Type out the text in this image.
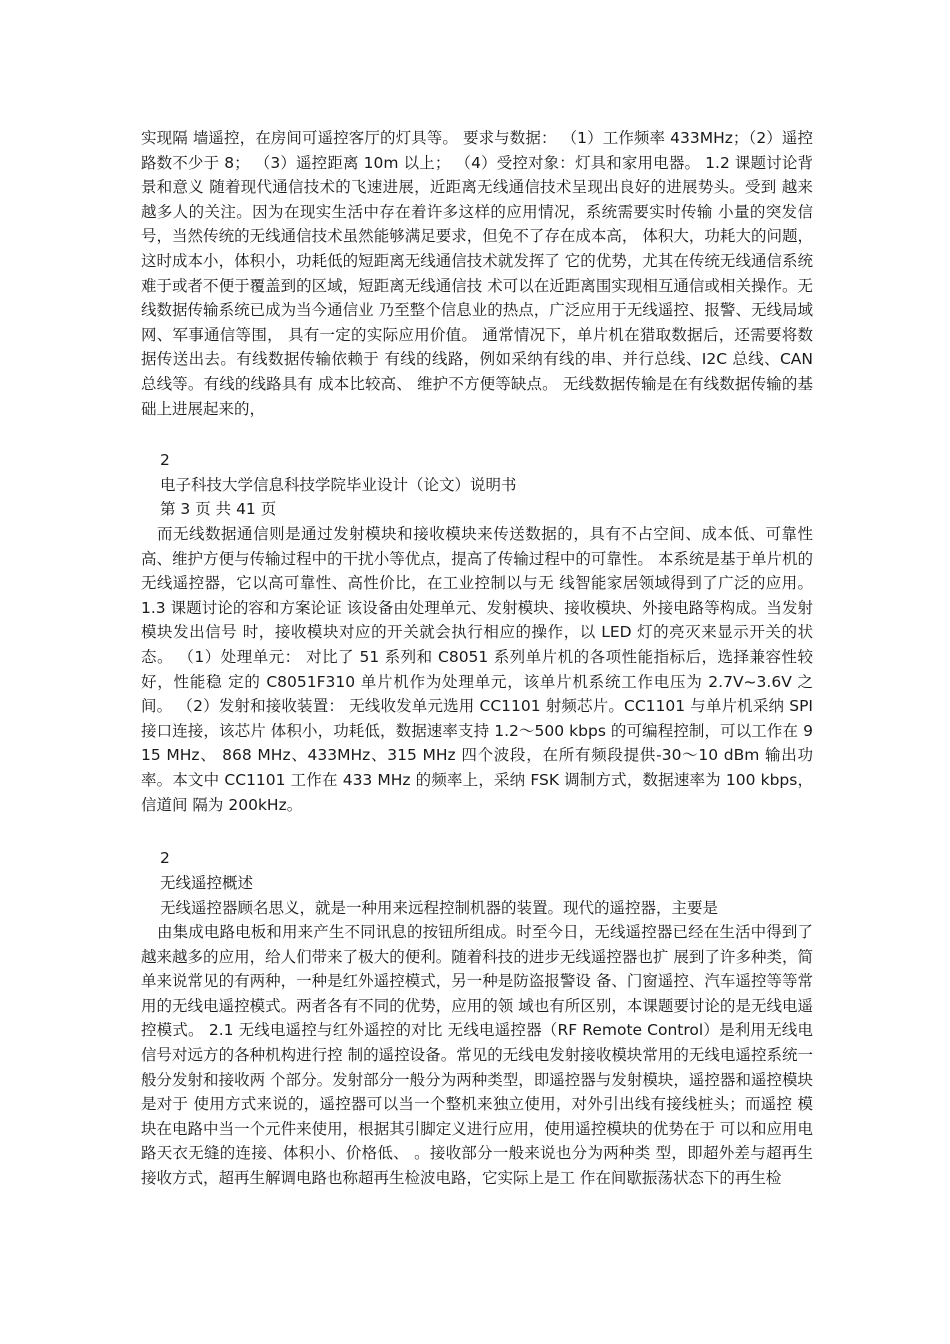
实现隔 墙遥控，在房间可遥控客厅的灯具等。 要求与数据： （1）工作频率 433MHz；（2）遥控路数不少于 8； （3）遥控距离 10m 以上； （4）受控对象：灯具和家用电器。 1.2 课题讨论背景和意义 随着现代通信技术的飞速进展，近距离无线通信技术呈现出良好的进展势头。受到 越来越多人的关注。因为在现实生活中存在着许多这样的应用情况，系统需要实时传输 小量的突发信号，当然传统的无线通信技术虽然能够满足要求，但免不了存在成本高， 体积大，功耗大的问题，这时成本小，体积小，功耗低的短距离无线通信技术就发挥了 它的优势，尤其在传统无线通信系统难于或者不便于覆盖到的区域，短距离无线通信技 术可以在近距离围实现相互通信或相关操作。无线数据传输系统已成为当今通信业 乃至整个信息业的热点，广泛应用于无线遥控、报警、无线局域网、军事通信等围， 具有一定的实际应用价值。 通常情况下，单片机在猎取数据后，还需要将数据传送出去。有线数据传输依赖于 有线的线路，例如采纳有线的串、并行总线、I2C 总线、CAN 总线等。有线的线路具有 成本比较高、 维护不方便等缺点。 无线数据传输是在有线数据传输的基础上进展起来的，

2

电子科技大学信息科技学院毕业设计（论文）说明书

第 3 页 共 41 页

而无线数据通信则是通过发射模块和接收模块来传送数据的，具有不占空间、成本低、可靠性高、维护方便与传输过程中的干扰小等优点，提高了传输过程中的可靠性。 本系统是基于单片机的无线遥控器，它以高可靠性、高性价比，在工业控制以与无 线智能家居领域得到了广泛的应用。 1.3 课题讨论的容和方案论证 该设备由处理单元、发射模块、接收模块、外接电路等构成。当发射模块发出信号 时，接收模块对应的开关就会执行相应的操作，以 LED 灯的亮灭来显示开关的状态。 （1）处理单元： 对比了 51 系列和 C8051 系列单片机的各项性能指标后，选择兼容性较好，性能稳 定的 C8051F310 单片机作为处理单元，该单片机系统工作电压为 2.7V~3.6V 之间。 （2）发射和接收装置： 无线收发单元选用 CC1101 射频芯片。CC1101 与单片机采纳 SPI 接口连接，该芯片 体积小，功耗低，数据速率支持 1.2～500 kbps 的可编程控制，可以工作在 915 MHz、 868 MHz、433MHz、315 MHz 四个波段，在所有频段提供-30～10 dBm 输出功率。本文中 CC1101 工作在 433 MHz 的频率上，采纳 FSK 调制方式，数据速率为 100 kbps，信道间 隔为 200kHz。

2

无线遥控概述

无线遥控器顾名思义，就是一种用来远程控制机器的装置。现代的遥控器，主要是

由集成电路电板和用来产生不同讯息的按钮所组成。时至今日，无线遥控器已经在生活中得到了越来越多的应用，给人们带来了极大的便利。随着科技的进步无线遥控器也扩 展到了许多种类，简单来说常见的有两种，一种是红外遥控模式，另一种是防盗报警设 备、门窗遥控、汽车遥控等等常用的无线电遥控模式。两者各有不同的优势，应用的领 域也有所区别，本课题要讨论的是无线电遥控模式。 2.1 无线电遥控与红外遥控的对比 无线电遥控器（RF Remote Control）是利用无线电信号对远方的各种机构进行控 制的遥控设备。常见的无线电发射接收模块常用的无线电遥控系统一般分发射和接收两 个部分。发射部分一般分为两种类型，即遥控器与发射模块，遥控器和遥控模块是对于 使用方式来说的，遥控器可以当一个整机来独立使用，对外引出线有接线桩头；而遥控 模块在电路中当一个元件来使用，根据其引脚定义进行应用，使用遥控模块的优势在于 可以和应用电路天衣无缝的连接、体积小、价格低、 。接收部分一般来说也分为两种类 型，即超外差与超再生接收方式，超再生解调电路也称超再生检波电路，它实际上是工 作在间歇振荡状态下的再生检
